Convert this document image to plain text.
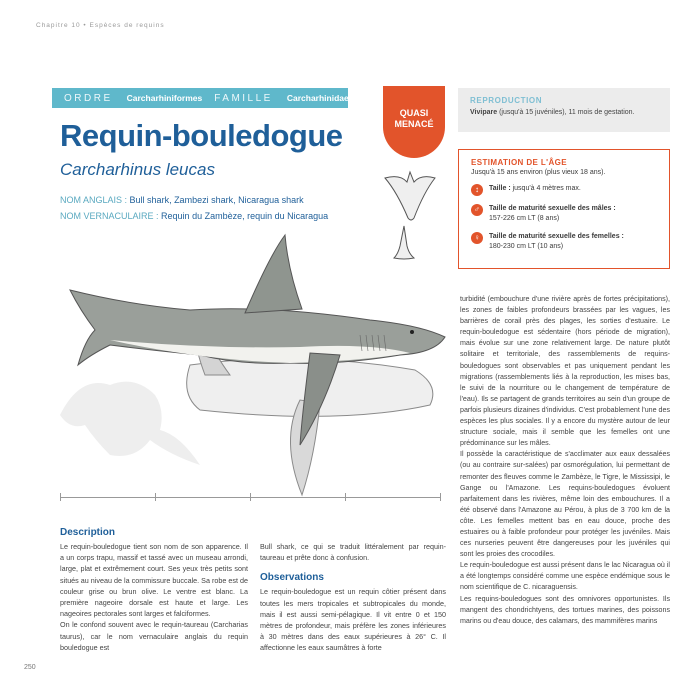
Chapitre 10 • Espèces de requins
ORDRE Carcharhiniformes FAMILLE Carcharhinidae
Requin-bouledogue
Carcharhinus leucas
NOM ANGLAIS : Bull shark, Zambezi shark, Nicaragua shark
NOM VERNACULAIRE : Requin du Zambèze, requin du Nicaragua
QUASI
MENACÉ
REPRODUCTION
Vivipare (jusqu'à 15 juvéniles), 11 mois de gestation.
ESTIMATION DE L'ÂGE
Jusqu'à 15 ans environ (plus vieux 18 ans).
↕	Taille : jusqu'à 4 mètres max.
♂	Taille de maturité sexuelle des mâles :
157-226 cm LT (8 ans)
♀	Taille de maturité sexuelle des femelles :
180-230 cm LT (10 ans)
Description
Le requin-bouledogue tient son nom de son apparence. Il a un corps trapu, massif et tassé avec un museau arrondi, large, plat et extrêmement court. Ses yeux très petits sont situés au niveau de la commissure buccale. Sa robe est de couleur grise ou brun olive. Le ventre est blanc. La première nageoire dorsale est haute et large. Les nageoires pectorales sont larges et falciformes.
On le confond souvent avec le requin-taureau (Carcharias taurus), car le nom vernaculaire anglais du requin bouledogue est
Bull shark, ce qui se traduit littéralement par requin-taureau et prête donc à confusion.
Observations
Le requin-bouledogue est un requin côtier présent dans toutes les mers tropicales et subtropicales du monde, mais il est aussi semi-pélagique. Il vit entre 0 et 150 mètres de profondeur, mais préfère les zones inférieures à 30 mètres dans des eaux supérieures à 26° C. Il affectionne les eaux saumâtres à forte
turbidité (embouchure d'une rivière après de fortes précipitations), les zones de faibles profondeurs brassées par les vagues, les barrières de corail près des plages, les sorties d'estuaire. Le requin-bouledogue est sédentaire (hors période de migration), mais évolue sur une zone relativement large. De nature plutôt solitaire et territoriale, des rassemblements de requins-bouledogues sont observables et pas uniquement pendant les migrations (rassemblements liés à la reproduction, les mises bas, le suivi de la nourriture ou le changement de température de l'eau). Ils se partagent de grands territoires au sein d'un groupe de parfois plusieurs dizaines d'individus. C'est probablement l'une des espèces les plus sociales. Il y a encore du mystère autour de leur structure sociale, mais il semble que les femelles ont une prédominance sur les mâles.
Il possède la caractéristique de s'acclimater aux eaux dessalées (ou au contraire sur-salées) par osmorégulation, lui permettant de remonter des fleuves comme le Zambèze, le Tigre, le Mississipi, le Gange ou l'Amazone. Les requins-bouledogues évoluent parfaitement dans les rivières, même loin des embouchures. Il a été observé dans l'Amazone au Pérou, à plus de 3 700 km de la côte. Les femelles mettent bas en eau douce, proche des estuaires ou à faible profondeur pour protéger les juvéniles. Mais ces nurseries peuvent être dangereuses pour les juvéniles qui sont les proies des crocodiles.
Le requin-bouledogue est aussi présent dans le lac Nicaragua où il a été longtemps considéré comme une espèce endémique sous le nom scientifique de C. nicaraguensis.
Les requins-bouledogues sont des omnivores opportunistes. Ils mangent des chondrichtyens, des tortues marines, des poissons marins ou d'eau douce, des calamars, des mammifères marins
250
